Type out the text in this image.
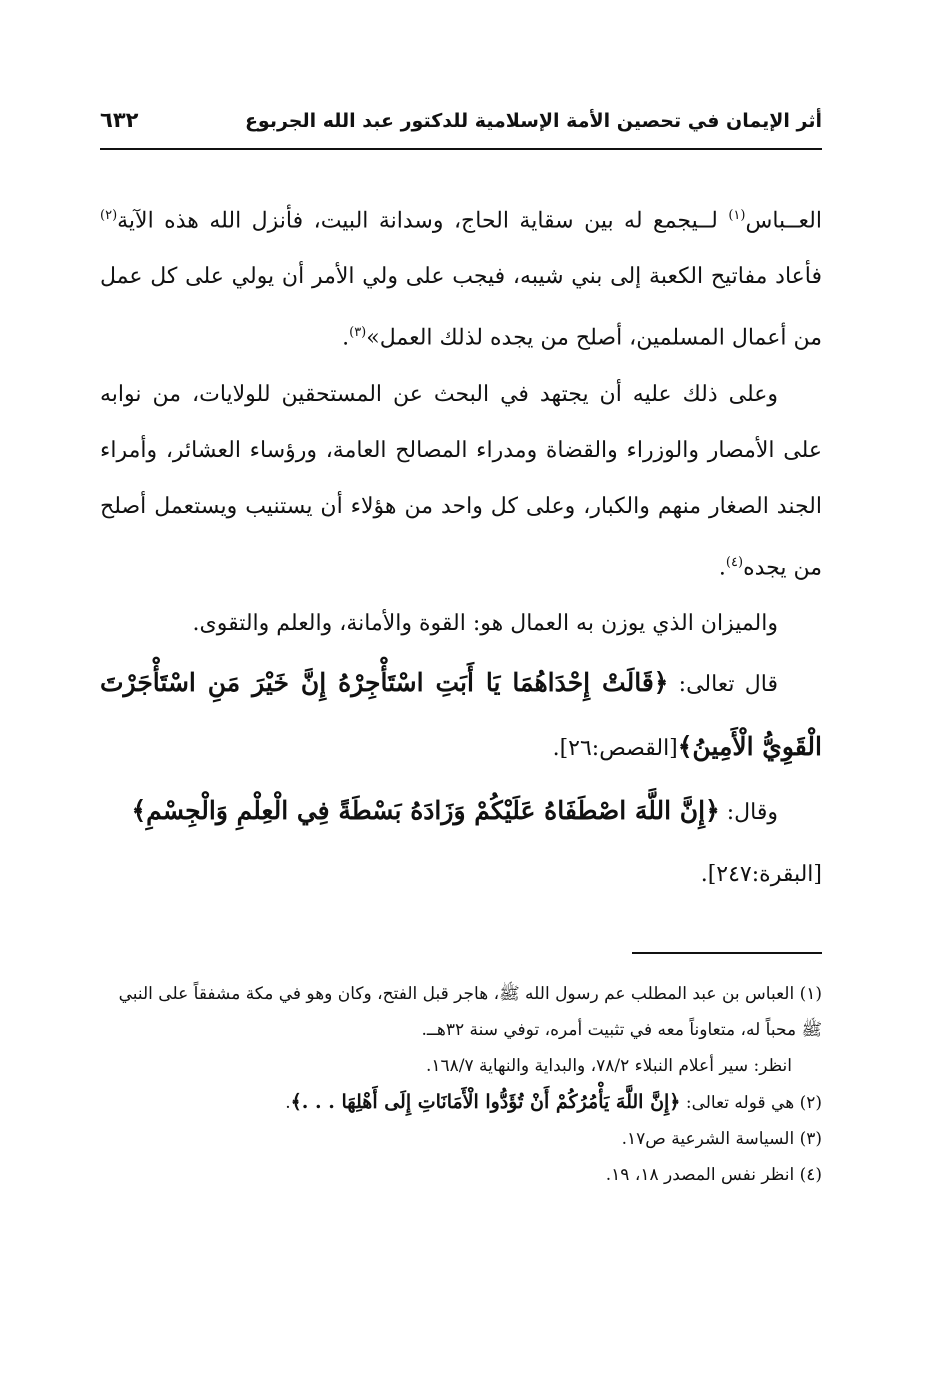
أثر الإيمان في تحصين الأمة الإسلامية للدكتور عبد الله الجربوع
٦٣٢

العــباس$^{(١)}$ لــيجمع له بين سقاية الحاج، وسدانة البيت، فأنزل الله هذه الآية$^{(٢)}$ فأعاد مفاتيح الكعبة إلى بني شيبه، فيجب على ولي الأمر أن يولي على كل عمل من أعمال المسلمين، أصلح من يجده لذلك العمل»$^{(٣)}$.

وعلى ذلك عليه أن يجتهد في البحث عن المستحقين للولايات، من نوابه على الأمصار والوزراء والقضاة ومدراء المصالح العامة، ورؤساء العشائر، وأمراء الجند الصغار منهم والكبار، وعلى كل واحد من هؤلاء أن يستنيب ويستعمل أصلح من يجده$^{(٤)}$.

والميزان الذي يوزن به العمال هو: القوة والأمانة، والعلم والتقوى.

قال تعالى: ﴿قَالَتْ إِحْدَاهُمَا يَا أَبَتِ اسْتَأْجِرْهُ إِنَّ خَيْرَ مَنِ اسْتَأْجَرْتَ الْقَوِيُّ الْأَمِينُ﴾[القصص:٢٦].

وقال: ﴿إِنَّ اللَّهَ اصْطَفَاهُ عَلَيْكُمْ وَزَادَهُ بَسْطَةً فِي الْعِلْمِ وَالْجِسْمِ﴾
[البقرة:٢٤٧].

(١) العباس بن عبد المطلب عم رسول الله ﷺ، هاجر قبل الفتح، وكان وهو في مكة مشفقاً على النبي ﷺ محباً له، متعاوناً معه في تثبيت أمره، توفي سنة ٣٢هــ.

انظر: سير أعلام النبلاء ٧٨/٢، والبداية والنهاية ١٦٨/٧.

(٢) هي قوله تعالى: ﴿إِنَّ اللَّهَ يَأْمُرُكُمْ أَنْ تُؤَدُّوا الْأَمَانَاتِ إِلَى أَهْلِهَا . . .﴾.

(٣) السياسة الشرعية ص١٧.

(٤) انظر نفس المصدر ١٨، ١٩.
